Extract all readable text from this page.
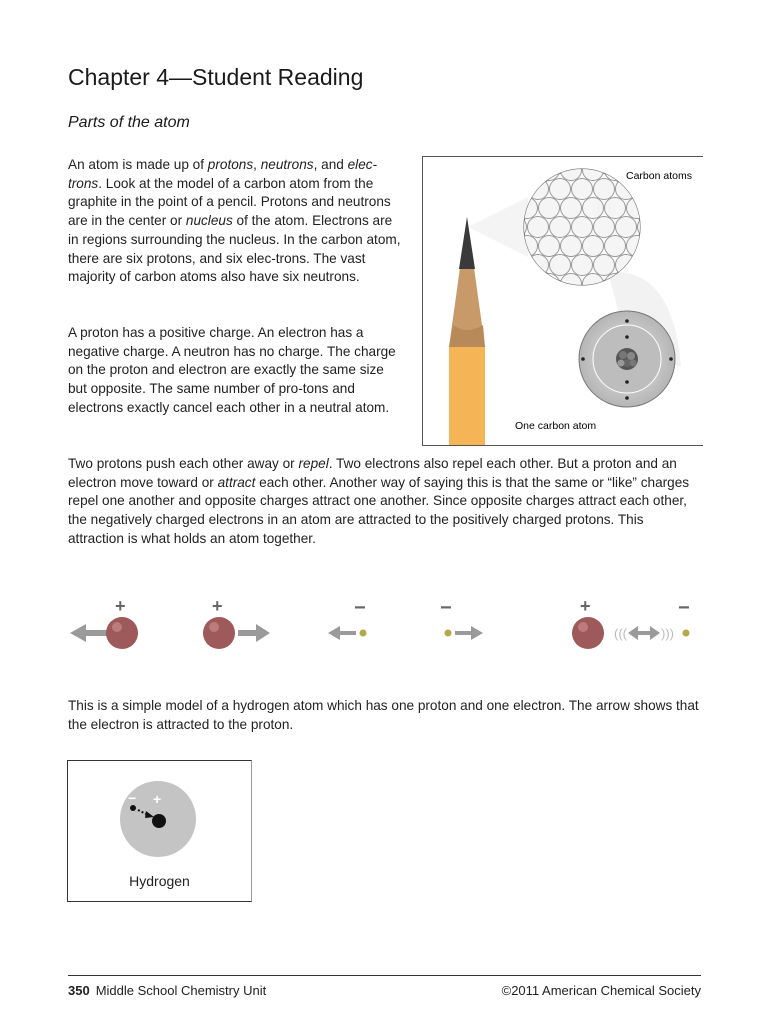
Chapter 4—Student Reading
Parts of the atom
An atom is made up of protons, neutrons, and elec-trons. Look at the model of a carbon atom from the graphite in the point of a pencil. Protons and neutrons are in the center or nucleus of the atom. Electrons are in regions surrounding the nucleus. In the carbon atom, there are six protons, and six elec-trons. The vast majority of carbon atoms also have six neutrons.
A proton has a positive charge. An electron has a negative charge. A neutron has no charge. The charge on the proton and electron are exactly the same size but opposite. The same number of pro-tons and electrons exactly cancel each other in a neutral atom.
Carbon atoms
One carbon atom
Two protons push each other away or repel. Two electrons also repel each other. But a proton and an electron move toward or attract each other. Another way of saying this is that the same or “like” charges repel one another and opposite charges attract one another. Since opposite charges attract each other, the negatively charged electrons in an atom are attracted to the positively charged protons. This attraction is what holds an atom together.
+	+	−	−	+
(((	)))
−
This is a simple model of a hydrogen atom which has one proton and one electron. The arrow shows that the electron is attracted to the proton.
− +
Hydrogen
350 Middle School Chemistry Unit	©2011 American Chemical Society
